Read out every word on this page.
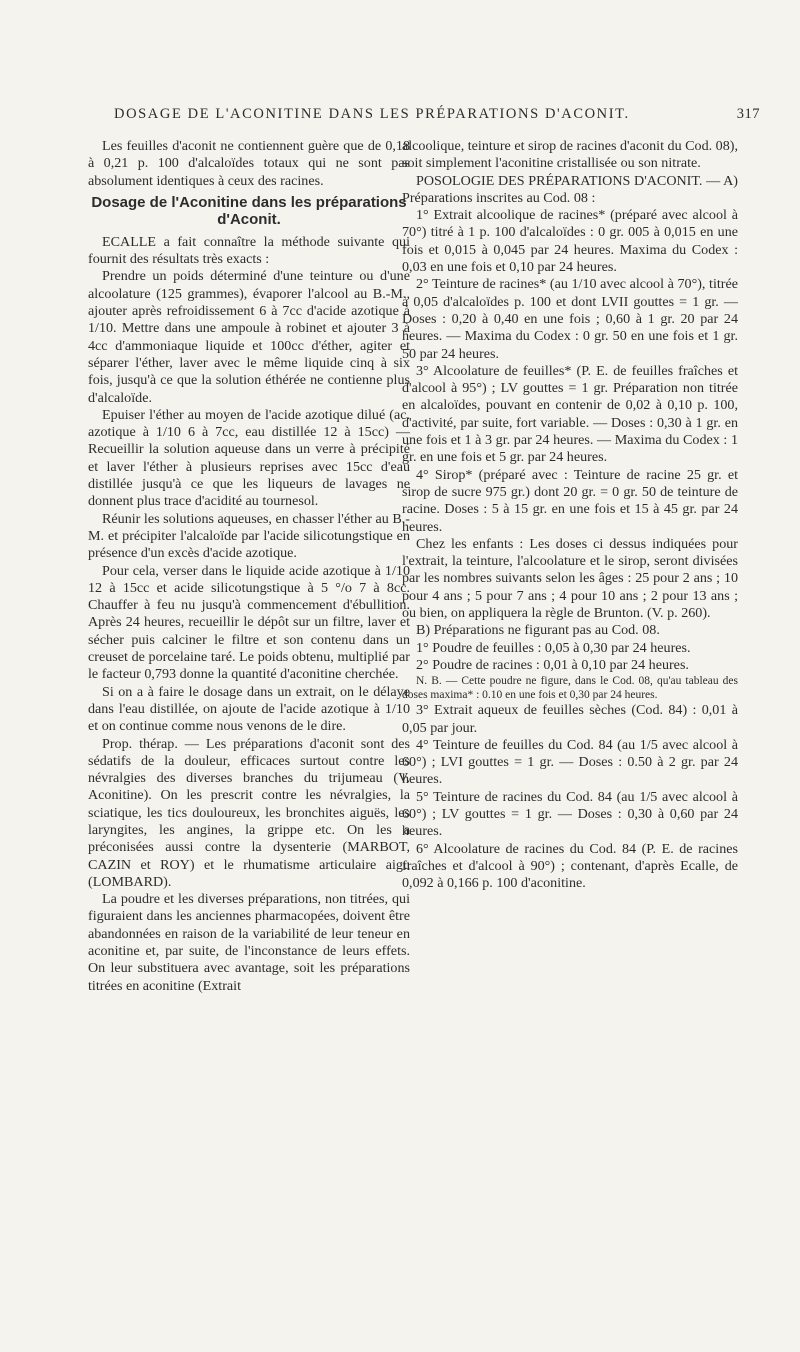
DOSAGE DE L'ACONITINE DANS LES PRÉPARATIONS D'ACONIT.	317

Les feuilles d'aconit ne contiennent guère que de 0,18 à 0,21 p. 100 d'alcaloïdes totaux qui ne sont pas absolument identiques à ceux des racines.

Dosage de l'Aconitine dans les préparations d'Aconit.

ECALLE a fait connaître la méthode suivante qui fournit des résultats très exacts :

Prendre un poids déterminé d'une teinture ou d'une alcoolature (125 grammes), évaporer l'alcool au B.-M., ajouter après refroidissement 6 à 7cc d'acide azotique à 1/10. Mettre dans une ampoule à robinet et ajouter 3 à 4cc d'ammoniaque liquide et 100cc d'éther, agiter et séparer l'éther, laver avec le même liquide cinq à six fois, jusqu'à ce que la solution éthérée ne contienne plus d'alcaloïde.

Epuiser l'éther au moyen de l'acide azotique dilué (ac. azotique à 1/10 6 à 7cc, eau distillée 12 à 15cc) — Recueillir la solution aqueuse dans un verre à précipité et laver l'éther à plusieurs reprises avec 15cc d'eau distillée jusqu'à ce que les liqueurs de lavages ne donnent plus trace d'acidité au tournesol.

Réunir les solutions aqueuses, en chasser l'éther au B.-M. et précipiter l'alcaloïde par l'acide silicotungstique en présence d'un excès d'acide azotique.

Pour cela, verser dans le liquide acide azotique à 1/10 12 à 15cc et acide silicotungstique à 5 °/o 7 à 8cc. Chauffer à feu nu jusqu'à commencement d'ébullition. Après 24 heures, recueillir le dépôt sur un filtre, laver et sécher puis calciner le filtre et son contenu dans un creuset de porcelaine taré. Le poids obtenu, multiplié par le facteur 0,793 donne la quantité d'aconitine cherchée.

Si on a à faire le dosage dans un extrait, on le délaye dans l'eau distillée, on ajoute de l'acide azotique à 1/10 et on continue comme nous venons de le dire.

Prop. thérap. — Les préparations d'aconit sont des sédatifs de la douleur, efficaces surtout contre les névralgies des diverses branches du trijumeau (V. Aconitine). On les prescrit contre les névralgies, la sciatique, les tics douloureux, les bronchites aiguës, les laryngites, les angines, la grippe etc. On les a préconisées aussi contre la dysenterie (MARBOT, CAZIN et ROY) et le rhumatisme articulaire aigu (LOMBARD).

La poudre et les diverses préparations, non titrées, qui figuraient dans les anciennes pharmacopées, doivent être abandonnées en raison de la variabilité de leur teneur en aconitine et, par suite, de l'inconstance de leurs effets. On leur substituera avec avantage, soit les préparations titrées en aconitine (Extrait

alcoolique, teinture et sirop de racines d'aconit du Cod. 08), soit simplement l'aconitine cristallisée ou son nitrate.

POSOLOGIE DES PRÉPARATIONS D'ACONIT. — A) Préparations inscrites au Cod. 08 :

1° Extrait alcoolique de racines* (préparé avec alcool à 70°) titré à 1 p. 100 d'alcaloïdes : 0 gr. 005 à 0,015 en une fois et 0,015 à 0,045 par 24 heures. Maxima du Codex : 0,03 en une fois et 0,10 par 24 heures.

2° Teinture de racines* (au 1/10 avec alcool à 70°), titrée à 0,05 d'alcaloïdes p. 100 et dont LVII gouttes = 1 gr. — Doses : 0,20 à 0,40 en une fois ; 0,60 à 1 gr. 20 par 24 heures. — Maxima du Codex : 0 gr. 50 en une fois et 1 gr. 50 par 24 heures.

3° Alcoolature de feuilles* (P. E. de feuilles fraîches et d'alcool à 95°) ; LV gouttes = 1 gr. Préparation non titrée en alcaloïdes, pouvant en contenir de 0,02 à 0,10 p. 100, d'activité, par suite, fort variable. — Doses : 0,30 à 1 gr. en une fois et 1 à 3 gr. par 24 heures. — Maxima du Codex : 1 gr. en une fois et 5 gr. par 24 heures.

4° Sirop* (préparé avec : Teinture de racine 25 gr. et sirop de sucre 975 gr.) dont 20 gr. = 0 gr. 50 de teinture de racine. Doses : 5 à 15 gr. en une fois et 15 à 45 gr. par 24 heures.

Chez les enfants : Les doses ci dessus indiquées pour l'extrait, la teinture, l'alcoolature et le sirop, seront divisées par les nombres suivants selon les âges : 25 pour 2 ans ; 10 pour 4 ans ; 5 pour 7 ans ; 4 pour 10 ans ; 2 pour 13 ans ; ou bien, on appliquera la règle de Brunton. (V. p. 260).

B) Préparations ne figurant pas au Cod. 08.

1° Poudre de feuilles : 0,05 à 0,30 par 24 heures.

2° Poudre de racines : 0,01 à 0,10 par 24 heures.

N. B. — Cette poudre ne figure, dans le Cod. 08, qu'au tableau des doses maxima* : 0.10 en une fois et 0,30 par 24 heures.

3° Extrait aqueux de feuilles sèches (Cod. 84) : 0,01 à 0,05 par jour.

4° Teinture de feuilles du Cod. 84 (au 1/5 avec alcool à 60°) ; LVI gouttes = 1 gr. — Doses : 0.50 à 2 gr. par 24 heures.

5° Teinture de racines du Cod. 84 (au 1/5 avec alcool à 60°) ; LV gouttes = 1 gr. — Doses : 0,30 à 0,60 par 24 heures.

6° Alcoolature de racines du Cod. 84 (P. E. de racines fraîches et d'alcool à 90°) ; contenant, d'après Ecalle, de 0,092 à 0,166 p. 100 d'aconitine.
